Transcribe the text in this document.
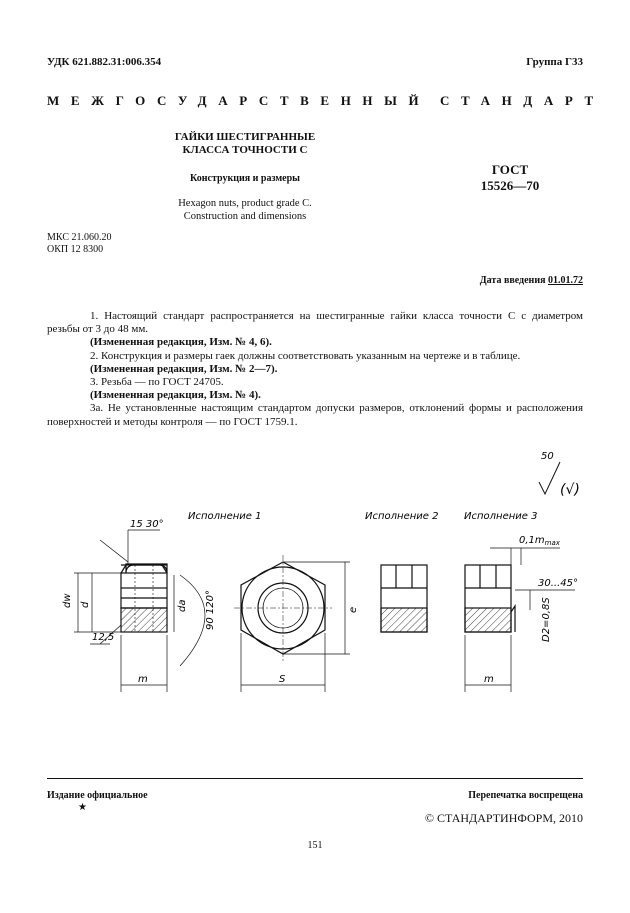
УДК 621.882.31:006.354	Группа Г33
МЕЖГОСУДАРСТВЕННЫЙ СТАНДАРТ
ГАЙКИ ШЕСТИГРАННЫЕ
КЛАССА ТОЧНОСТИ С
Конструкция и размеры
Hexagon nuts, product grade C.
Construction and dimensions
ГОСТ
15526—70
МКС 21.060.20
ОКП 12 8300
Дата введения 01.01.72

1. Настоящий стандарт распространяется на шестигранные гайки класса точности С с диаметром резьбы от 3 до 48 мм.

(Измененная редакция, Изм. № 4, 6).

2. Конструкция и размеры гаек должны соответствовать указанным на чертеже и в таблице.

(Измененная редакция, Изм. № 2—7).

3. Резьба — по ГОСТ 24705.

(Измененная редакция, Изм. № 4).

3а. Не установленные настоящим стандартом допуски размеров, отклонений формы и расположения поверхностей и методы контроля — по ГОСТ 1759.1.

50
(√)
Исполнение 1	Исполнение 2	Исполнение 3
15 30°
dw d
12,5
da 90 120°
m
e
S
$0,1m_{max}$
30...45°
D2=0,8S
m
Издание официальное	Перепечатка воспрещена
★
© СТАНДАРТИНФОРМ, 2010
151
